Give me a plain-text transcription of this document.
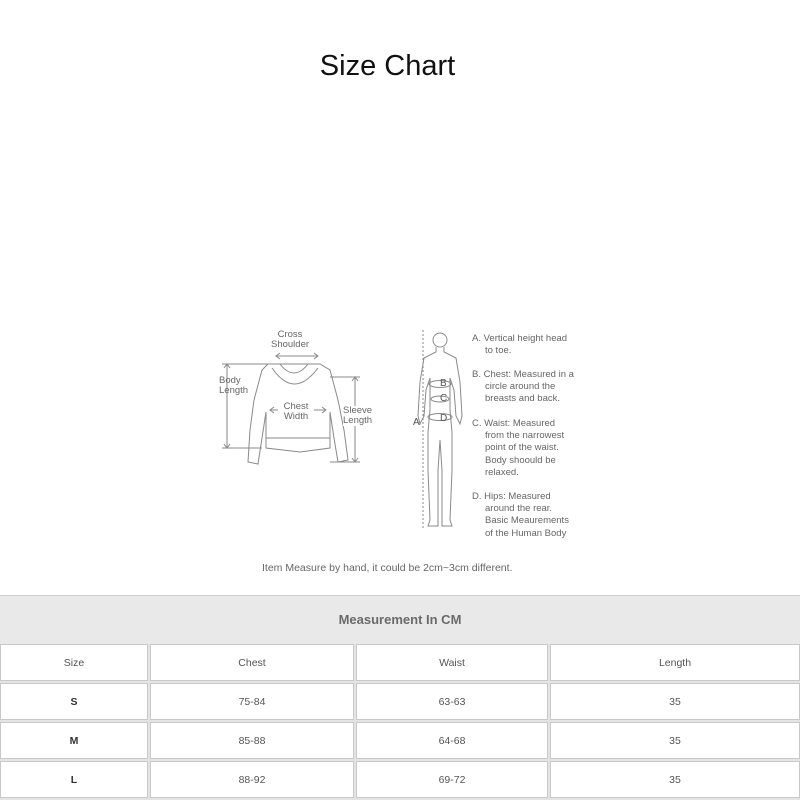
Size Chart
Cross
Shoulder
Body
Length
Chest
Width
Sleeve
Length
B
C
D
A
A. Vertical height head
to toe.
B. Chest: Measured in a
circle around the
breasts and back.
C. Waist: Measured
from the narrowest
point of the waist.
Body shoould be
relaxed.
D. Hips: Measured
around the rear.
Basic Meaurements
of the Human Body
Item Measure by hand, it could be 2cm~3cm different.
Measurement In CM
Size	Chest	Waist	Length
S	75-84	63-63	35
M	85-88	64-68	35
L	88-92	69-72	35
